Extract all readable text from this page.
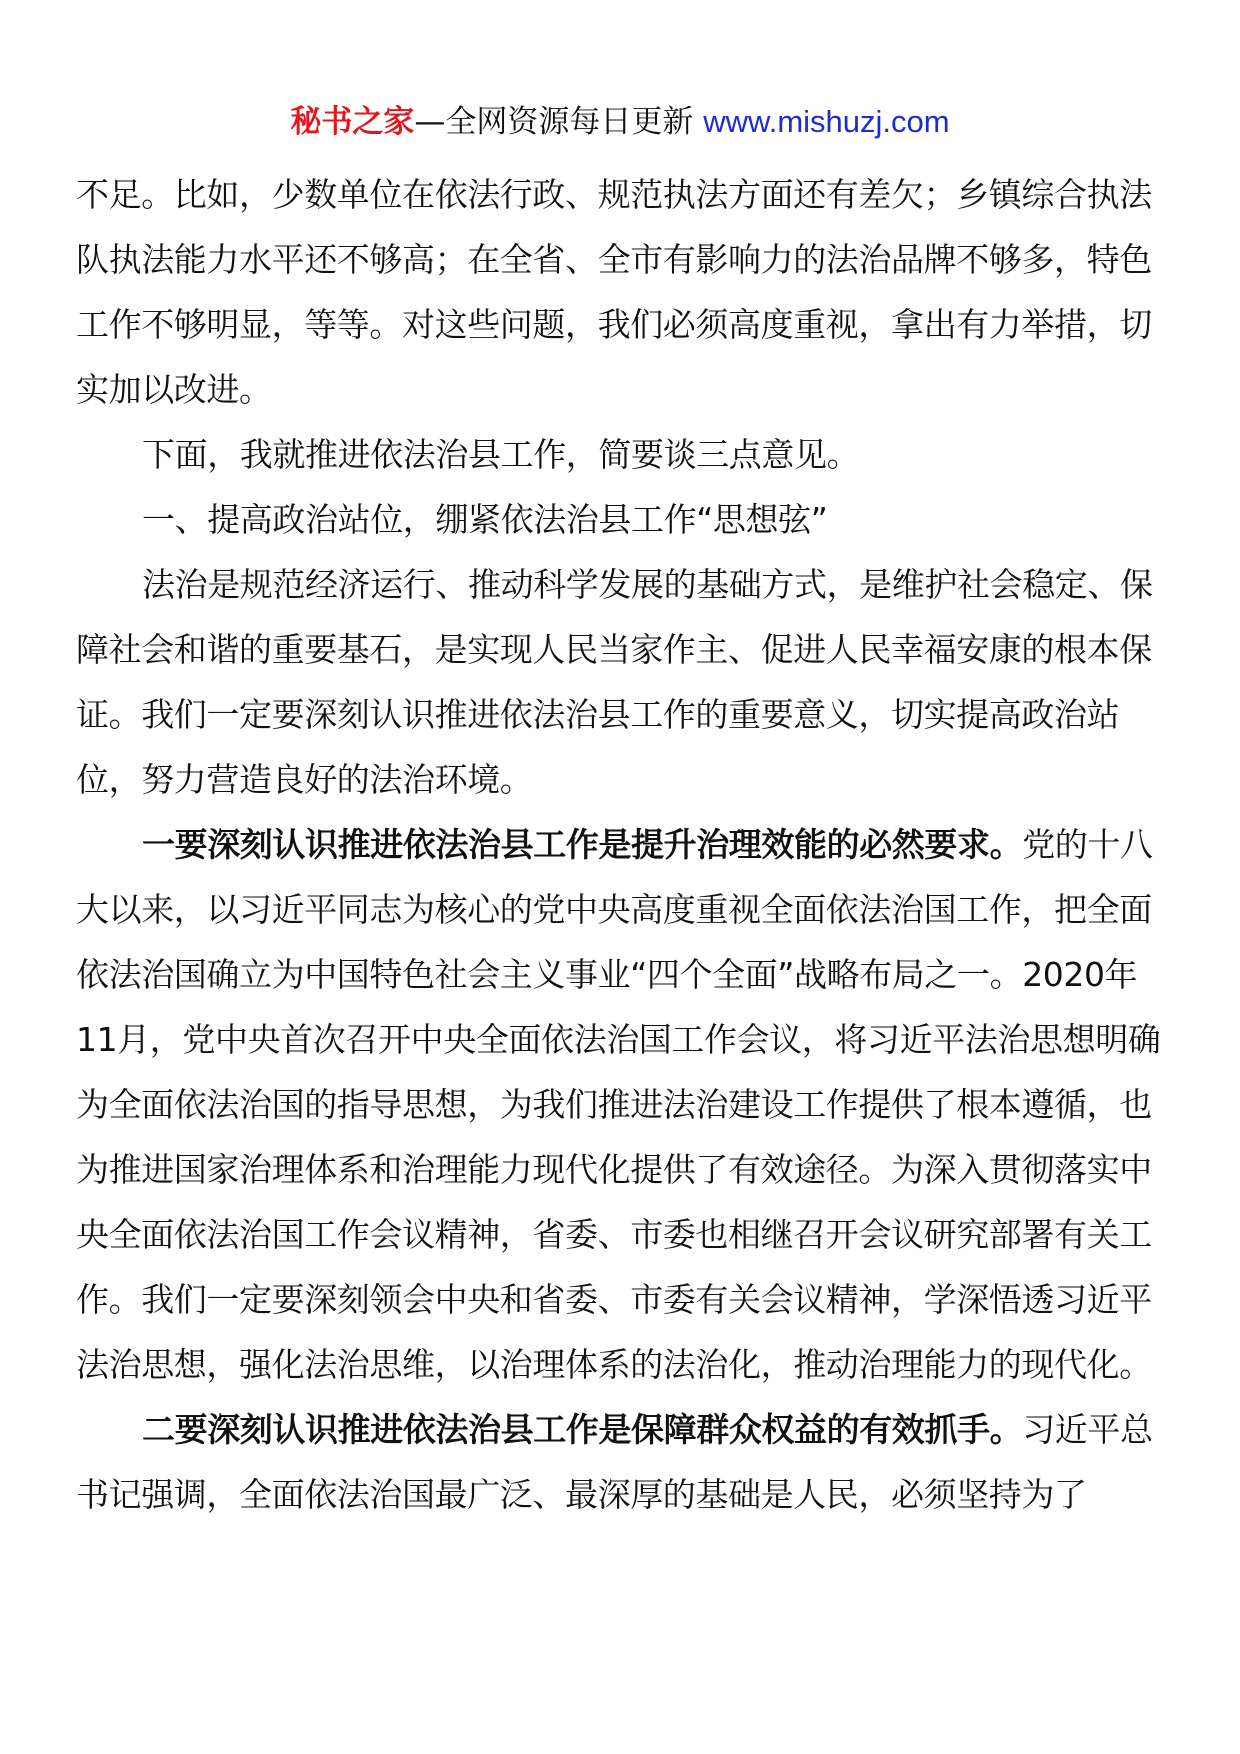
秘书之家—全网资源每日更新 www.mishuzj.com

不足。比如，少数单位在依法行政、规范执法方面还有差欠；乡镇综合执法队执法能力水平还不够高；在全省、全市有影响力的法治品牌不够多，特色工作不够明显，等等。对这些问题，我们必须高度重视，拿出有力举措，切实加以改进。

下面，我就推进依法治县工作，简要谈三点意见。

一、提高政治站位，绷紧依法治县工作“思想弦”

法治是规范经济运行、推动科学发展的基础方式，是维护社会稳定、保障社会和谐的重要基石，是实现人民当家作主、促进人民幸福安康的根本保证。我们一定要深刻认识推进依法治县工作的重要意义，切实提高政治站位，努力营造良好的法治环境。

一要深刻认识推进依法治县工作是提升治理效能的必然要求。党的十八大以来，以习近平同志为核心的党中央高度重视全面依法治国工作，把全面依法治国确立为中国特色社会主义事业“四个全面”战略布局之一。2020年11月，党中央首次召开中央全面依法治国工作会议，将习近平法治思想明确为全面依法治国的指导思想，为我们推进法治建设工作提供了根本遵循，也为推进国家治理体系和治理能力现代化提供了有效途径。为深入贯彻落实中央全面依法治国工作会议精神，省委、市委也相继召开会议研究部署有关工作。我们一定要深刻领会中央和省委、市委有关会议精神，学深悟透习近平法治思想，强化法治思维，以治理体系的法治化，推动治理能力的现代化。

二要深刻认识推进依法治县工作是保障群众权益的有效抓手。习近平总书记强调，全面依法治国最广泛、最深厚的基础是人民，必须坚持为了
